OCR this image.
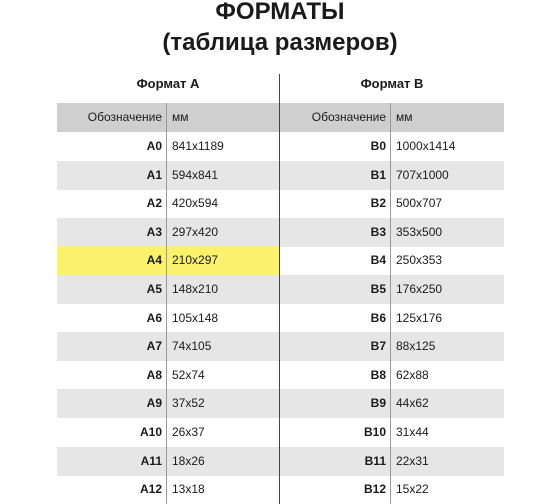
ФОРМАТЫ
(таблица размеров)
Формат А
Обозначение мм
A0 841x1189
A1 594x841
A2 420x594
A3 297x420
A4 210x297
A5 148x210
A6 105x148
A7 74x105
A8 52x74
A9 37x52
A10 26x37
A11 18x26
A12 13x18
Формат В
Обозначение мм
B0 1000x1414
B1 707x1000
B2 500x707
B3 353x500
B4 250x353
B5 176x250
B6 125x176
B7 88x125
B8 62x88
B9 44x62
B10 31x44
B11 22x31
B12 15x22
